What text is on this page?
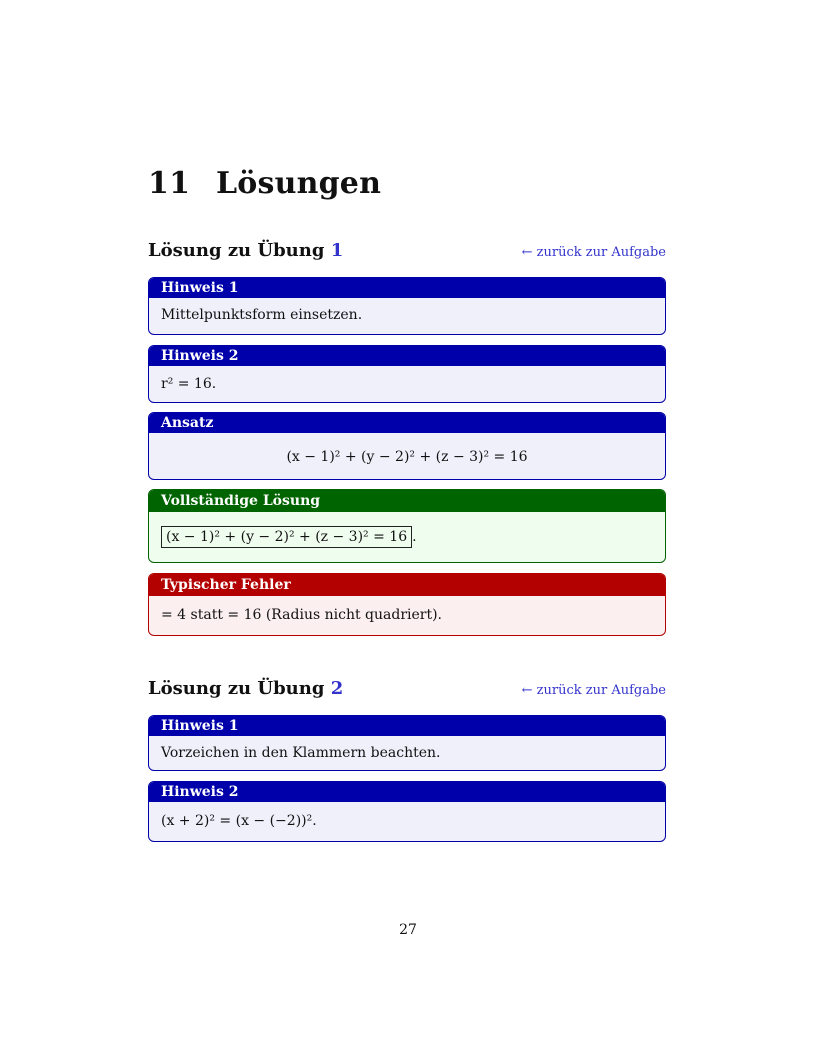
11 Lösungen
Lösung zu Übung 1	← zurück zur Aufgabe
Hinweis 1
Mittelpunktsform einsetzen.
Hinweis 2
r² = 16.
Ansatz
(x − 1)² + (y − 2)² + (z − 3)² = 16
Vollständige Lösung
(x − 1)² + (y − 2)² + (z − 3)² = 16 .
Typischer Fehler
= 4 statt = 16 (Radius nicht quadriert).
Lösung zu Übung 2	← zurück zur Aufgabe
Hinweis 1
Vorzeichen in den Klammern beachten.
Hinweis 2
(x + 2)² = (x − (−2))².
27
